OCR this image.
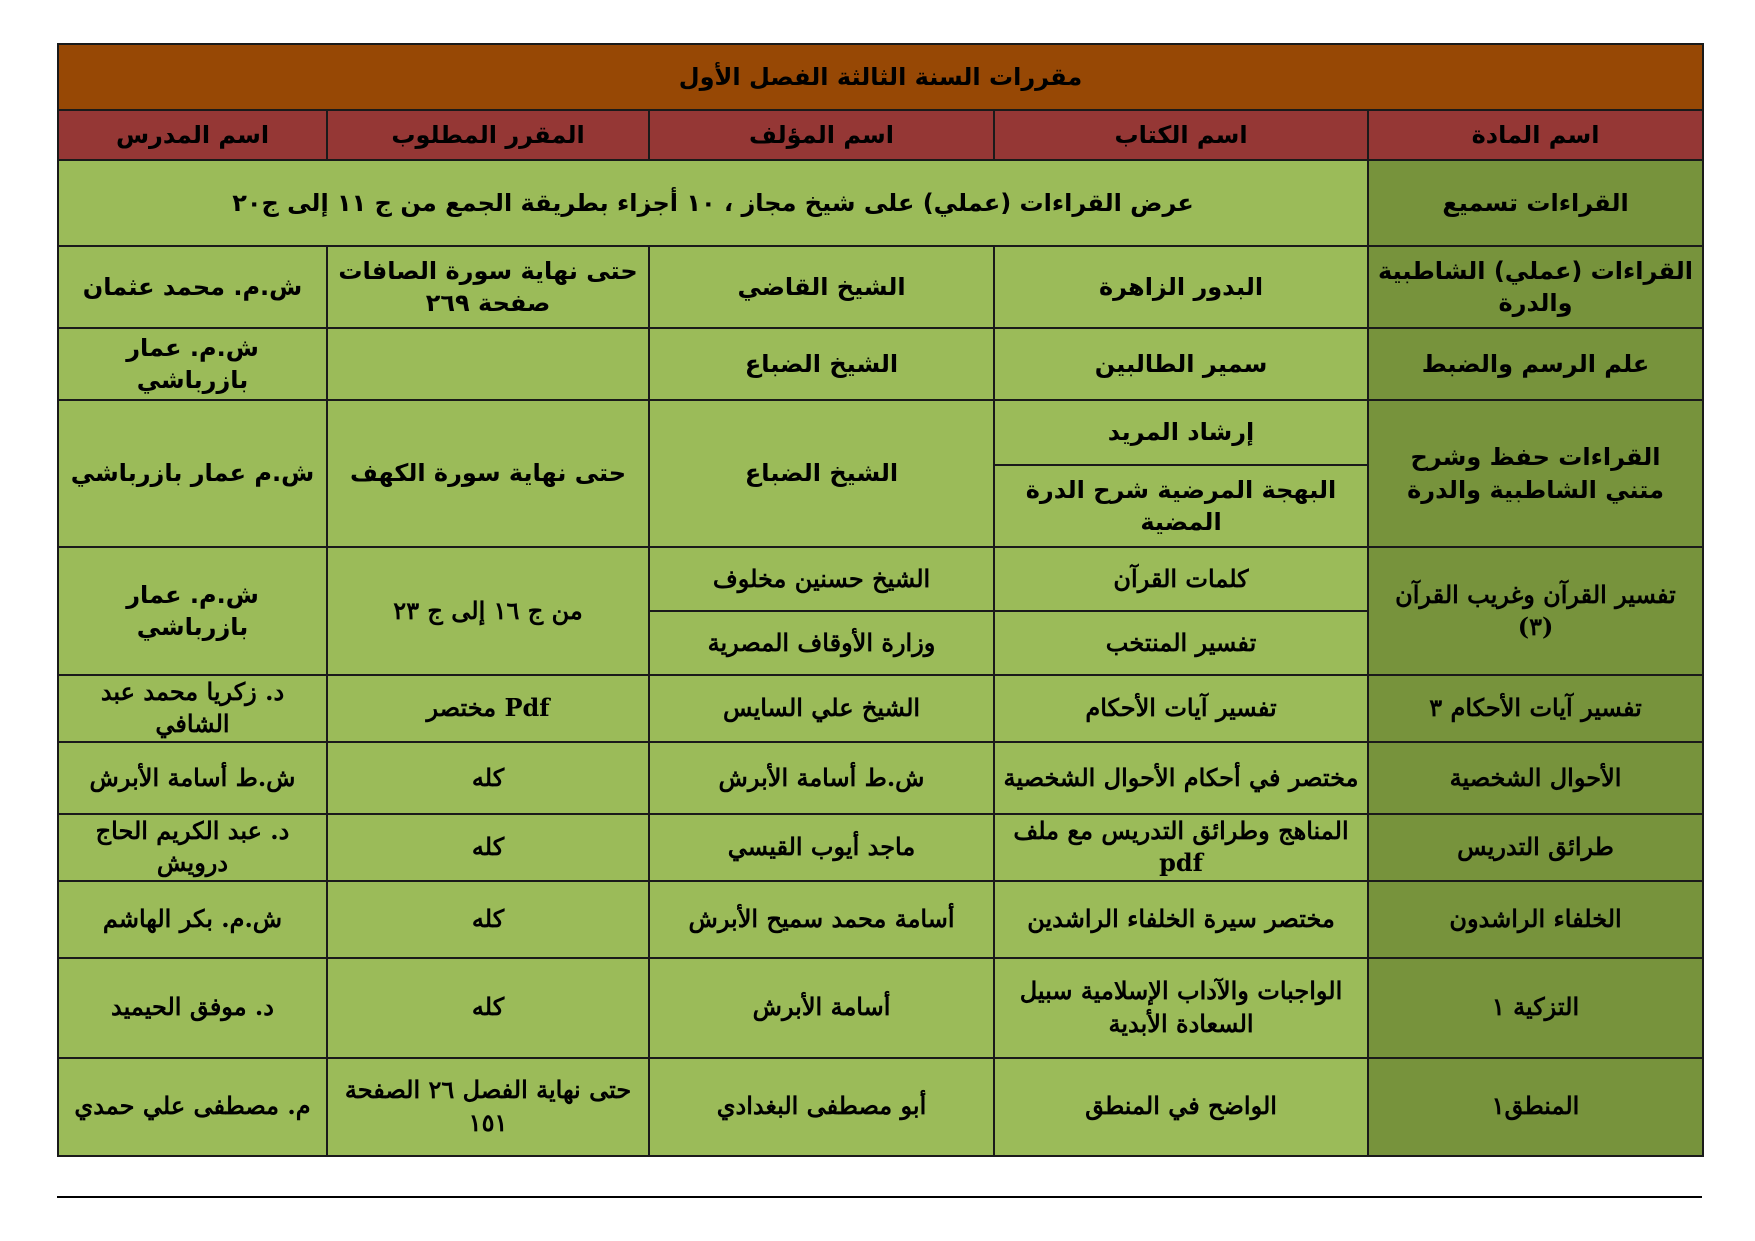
مقررات السنة الثالثة الفصل الأول				
اسم المادة	اسم الكتاب	اسم المؤلف	المقرر المطلوب	اسم المدرس
القراءات تسميع	عرض القراءات (عملي) على شيخ مجاز ، ١٠ أجزاء بطريقة الجمع من ج ١١ إلى ج٢٠			
القراءات (عملي) الشاطبية والدرة	البدور الزاهرة	الشيخ القاضي	حتى نهاية سورة الصافات صفحة ٢٦٩	ش.م. محمد عثمان
علم الرسم والضبط	سمير الطالبين	الشيخ الضباع		ش.م. عمار بازرباشي
القراءات حفظ وشرح متني الشاطبية والدرة	إرشاد المريد	الشيخ الضباع	حتى نهاية سورة الكهف	ش.م عمار بازرباشي
	البهجة المرضية شرح الدرة المضية			
تفسير القرآن وغريب القرآن (٣)	كلمات القرآن	الشيخ حسنين مخلوف	من ج ١٦ إلى ج ٢٣	ش.م. عمار بازرباشي
	تفسير المنتخب	وزارة الأوقاف المصرية		
تفسير آيات الأحكام ٣	تفسير آيات الأحكام	الشيخ علي السايس	Pdf مختصر	د. زكريا محمد عبد الشافي
الأحوال الشخصية	مختصر في أحكام الأحوال الشخصية	ش.ط أسامة الأبرش	كله	ش.ط أسامة الأبرش
طرائق التدريس	المناهج وطرائق التدريس مع ملف pdf	ماجد أيوب القيسي	كله	د. عبد الكريم الحاج درويش
الخلفاء الراشدون	مختصر سيرة الخلفاء الراشدين	أسامة محمد سميح الأبرش	كله	ش.م. بكر الهاشم
التزكية ١	الواجبات والآداب الإسلامية سبيل السعادة الأبدية	أسامة الأبرش	كله	د. موفق الحيميد
المنطق١	الواضح في المنطق	أبو مصطفى البغدادي	حتى نهاية الفصل ٢٦ الصفحة ١٥١	م. مصطفى علي حمدي
